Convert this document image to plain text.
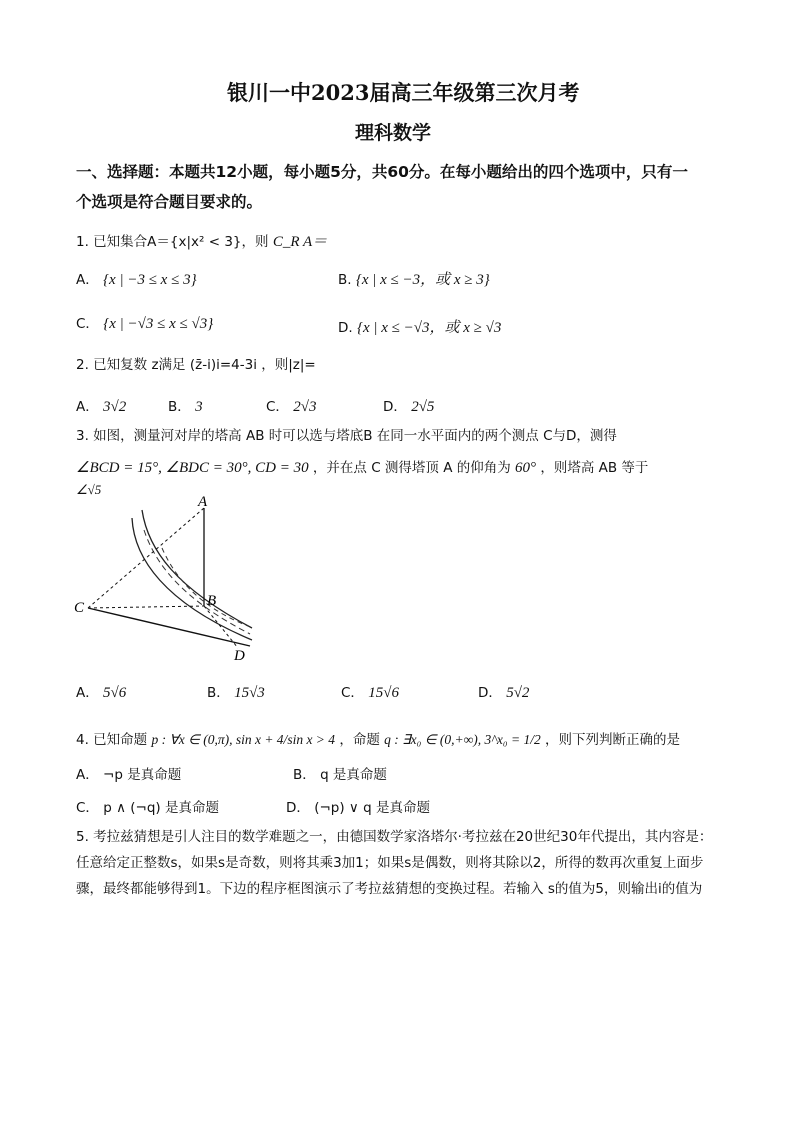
银川一中2023届高三年级第三次月考
理科数学
一、选择题：本题共12小题，每小题5分，共60分。在每小题给出的四个选项中，只有一
个选项是符合题目要求的。
1. 已知集合A＝{x|x² < 3}，则 C_R A＝
A． {x | −3 ≤ x ≤ 3}	B. {x | x ≤ −3，或 x ≥ 3}
C． {x | −√3 ≤ x ≤ √3}	D. {x | x ≤ −√3，或 x ≥ √3
2. 已知复数 z满足 (z̄-i)i=4-3i ，则|z|=
A． 3√2	B． 3	C． 2√3	D． 2√5
3. 如图，测量河对岸的塔高 AB 时可以选与塔底B 在同一水平面内的两个测点 C与D，测得
∠BCD = 15°, ∠BDC = 30°, CD = 30 ，并在点 C 测得塔顶 A 的仰角为 60° ，则塔高 AB 等于
∠√5
A
B
C
D
A． 5√6	B． 15√3	C． 15√6	D． 5√2
4. 已知命题 p : ∀x ∈ (0,π), sin x + 4/sin x > 4 ，命题 q : ∃x₀ ∈ (0,+∞), 3^x₀ = 1/2 ，则下列判断正确的是
A． ¬p 是真命题	B． q 是真命题
C． p ∧ (¬q) 是真命题	D． (¬p) ∨ q 是真命题
5. 考拉兹猜想是引人注目的数学难题之一，由德国数学家洛塔尔·考拉兹在20世纪30年代提出，其内容是：任意给定正整数s，如果s是奇数，则将其乘3加1；如果s是偶数，则将其除以2，所得的数再次重复上面步骤，最终都能够得到1。下边的程序框图演示了考拉兹猜想的变换过程。若输入 s的值为5，则输出i的值为
